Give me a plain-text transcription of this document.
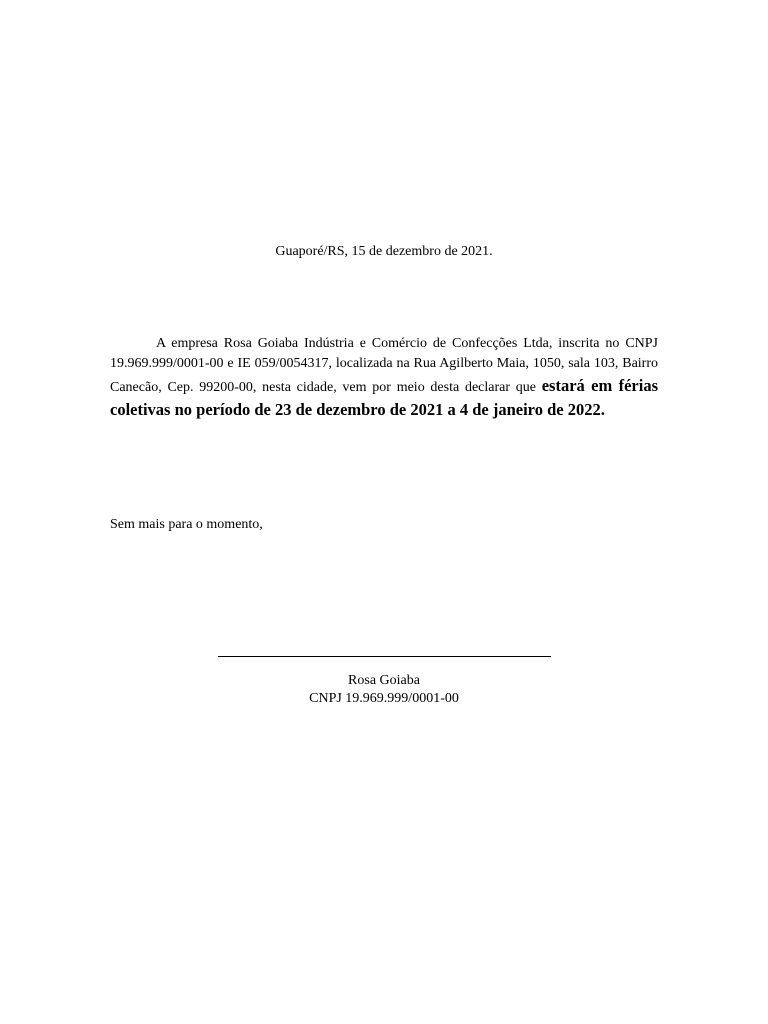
Guaporé/RS, 15 de dezembro de 2021.

A empresa Rosa Goiaba Indústria e Comércio de Confecções Ltda, inscrita no CNPJ 19.969.999/0001-00 e IE 059/0054317, localizada na Rua Agilberto Maia, 1050, sala 103, Bairro Canecão, Cep. 99200-00, nesta cidade, vem por meio desta declarar que estará em férias coletivas no período de 23 de dezembro de 2021 a 4 de janeiro de 2022.

Sem mais para o momento,

Rosa Goiaba
CNPJ 19.969.999/0001-00
